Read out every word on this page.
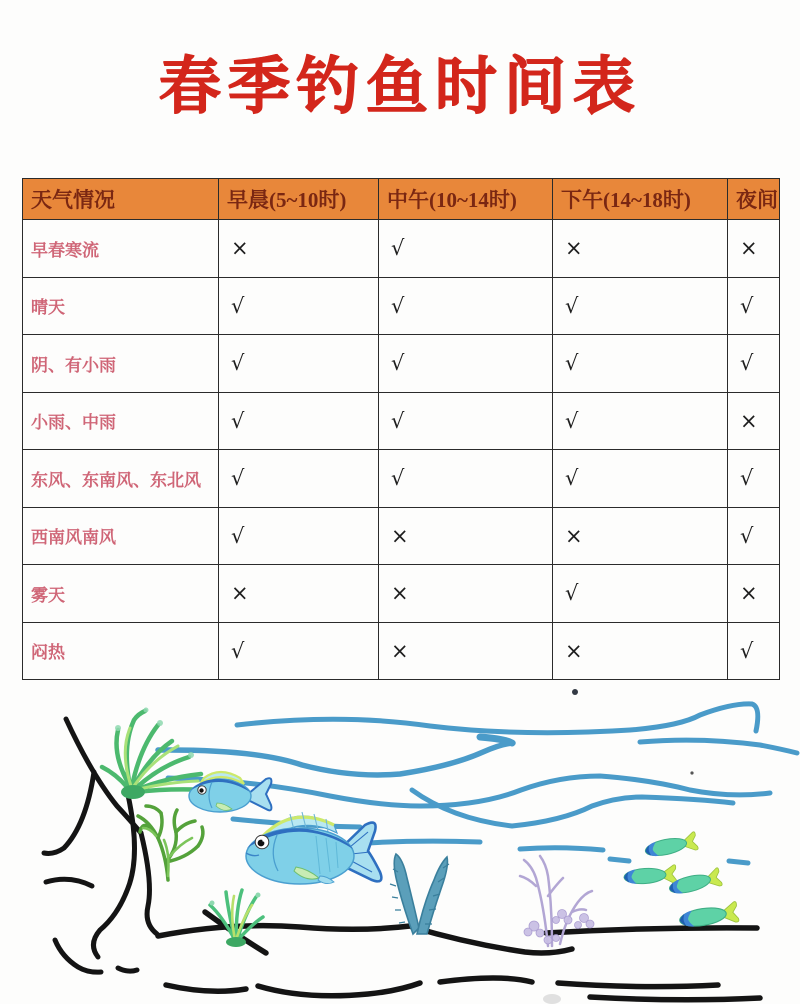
春季钓鱼时间表
天气情况	早晨(5~10时)	中午(10~14时)	下午(14~18时)	夜间
早春寒流	×	√	×	×
晴天	√	√	√	√
阴、有小雨	√	√	√	√
小雨、中雨	√	√	√	×
东风、东南风、东北风	√	√	√	√
西南风南风	√	×	×	√
雾天	×	×	√	×
闷热	√	×	×	√
